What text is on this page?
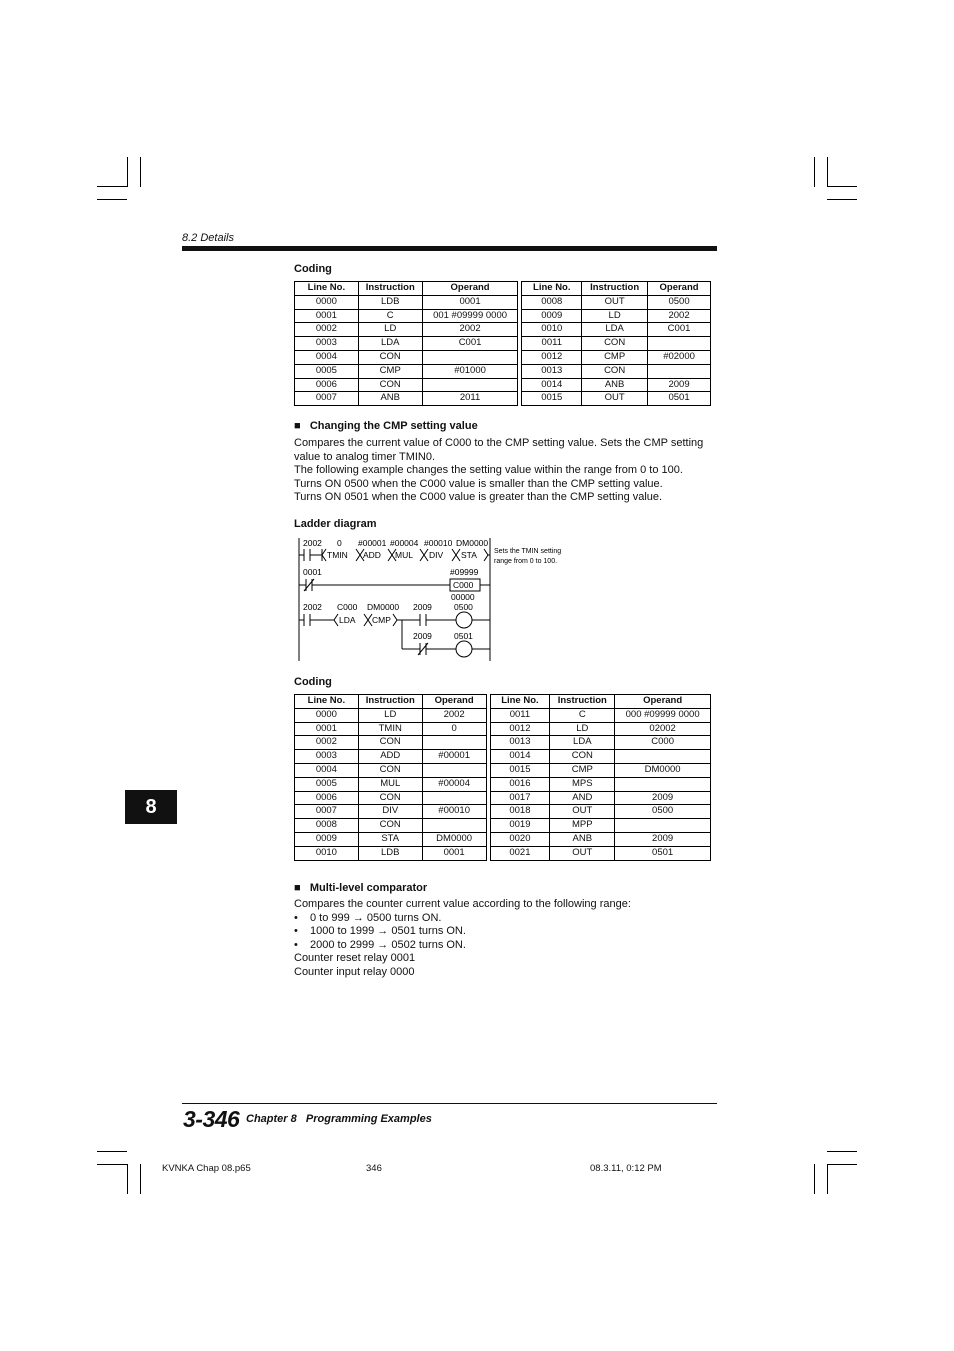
8.2 Details
Coding
Line No.	Instruction	Operand		Line No.	Instruction	Operand
0000	LDB	0001		0008	OUT	0500
0001	C	001 #09999 0000		0009	LD	2002
0002	LD	2002		0010	LDA	C001
0003	LDA	C001		0011	CON	
0004	CON			0012	CMP	#02000
0005	CMP	#01000		0013	CON	
0006	CON			0014	ANB	2009
0007	ANB	2011		0015	OUT	0501
■   Changing the CMP setting value
Compares the current value of C000 to the CMP setting value. Sets the CMP setting
value to analog timer TMIN0.
The following example changes the setting value within the range from 0 to 100.
Turns ON 0500 when the C000 value is smaller than the CMP setting value.
Turns ON 0501 when the C000 value is greater than the CMP setting value.
Ladder diagram
2002 0 #00001 #00004 #00010 DM0000
TMIN ADD MUL DIV STA
0001	#09999
C000
00000
2002 C000 DM0000 2009
LDA CMP
0500
2009	0501
Sets the TMIN setting
range from 0 to 100.
Coding
Line No.	Instruction	Operand		Line No.	Instruction	Operand
0000	LD	2002		0011	C	000 #09999 0000
0001	TMIN	0		0012	LD	02002
0002	CON			0013	LDA	C000
0003	ADD	#00001		0014	CON	
0004	CON			0015	CMP	DM0000
0005	MUL	#00004		0016	MPS	
0006	CON			0017	AND	2009
0007	DIV	#00010		0018	OUT	0500
0008	CON			0019	MPP	
0009	STA	DM0000		0020	ANB	2009
0010	LDB	0001		0021	OUT	0501
■   Multi-level comparator
Compares the counter current value according to the following range:
• 0 to 999 → 0500 turns ON.
• 1000 to 1999 → 0501 turns ON.
• 2000 to 2999 → 0502 turns ON.
Counter reset relay 0001
Counter input relay 0000
8
3-346 Chapter 8   Programming Examples
KVNKA Chap 08.p65	346	08.3.11, 0:12 PM
